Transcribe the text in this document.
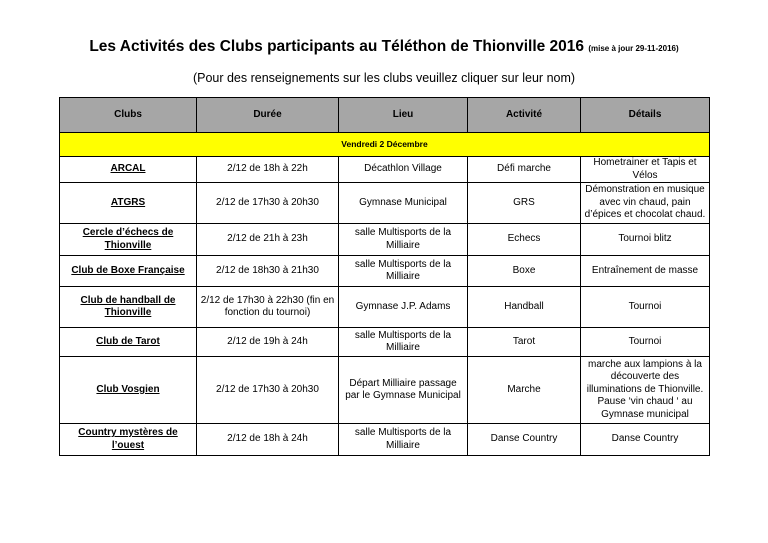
Les Activités des Clubs participants au Téléthon de Thionville 2016 (mise à jour 29-11-2016)
(Pour des renseignements sur les clubs veuillez cliquer sur leur nom)
Clubs	Durée	Lieu	Activité	Détails
Vendredi 2 Décembre				
ARCAL	2/12 de 18h à 22h	Décathlon Village	Défi marche	Hometrainer et Tapis et Vélos
ATGRS	2/12 de 17h30 à 20h30	Gymnase Municipal	GRS	Démonstration en musique avec vin chaud, pain d’épices et chocolat chaud.
Cercle d’échecs de Thionville	2/12 de 21h à 23h	salle Multisports de la Milliaire	Echecs	Tournoi blitz
Club de Boxe Française	2/12 de 18h30 à 21h30	salle Multisports de la Milliaire	Boxe	Entraînement de masse
Club de handball de Thionville	2/12 de 17h30 à 22h30 (fin en fonction du tournoi)	Gymnase J.P. Adams	Handball	Tournoi
Club de Tarot	2/12 de 19h à 24h	salle Multisports de la Milliaire	Tarot	Tournoi
Club Vosgien	2/12 de 17h30 à 20h30	Départ Milliaire passage par le Gymnase Municipal	Marche	marche aux lampions à la découverte des illuminations de Thionville. Pause ‘vin chaud ‘ au Gymnase municipal
Country mystères de l’ouest	2/12 de 18h à 24h	salle Multisports de la Milliaire	Danse Country	Danse Country
